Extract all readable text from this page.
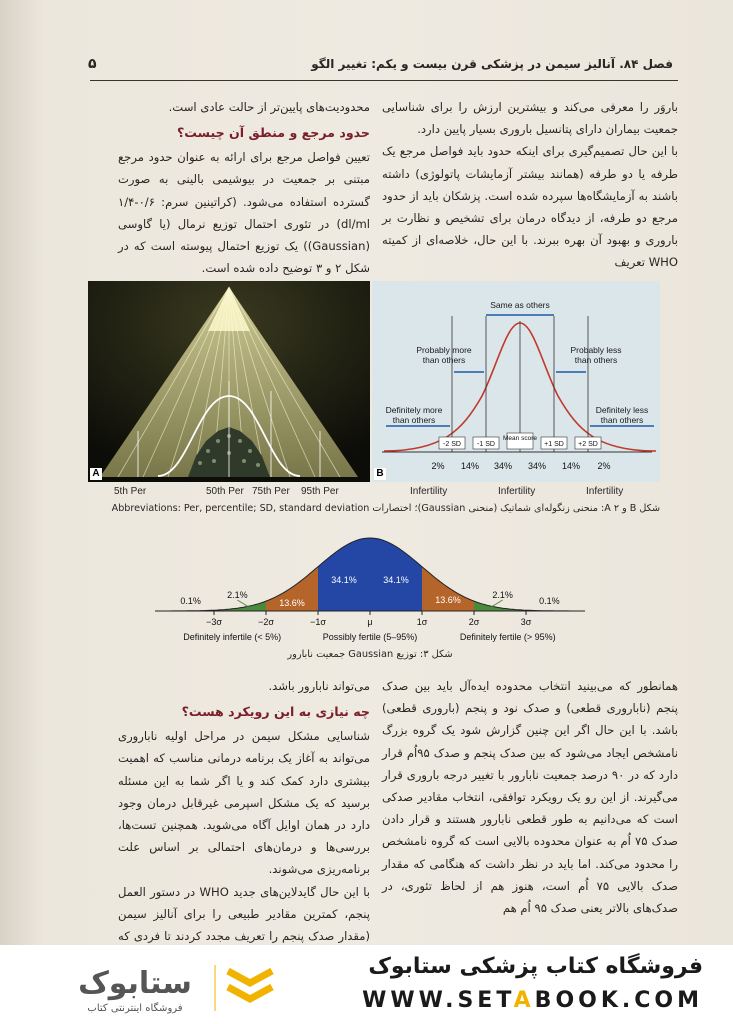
۵	فصل ۸۴. آنالیز سیمن در پزشکی قرن بیست و یکم: تغییر الگو

باروَر را معرفی می‌کند و بیشترین ارزش را برای شناسایی جمعیت بیماران دارای پتانسیل باروری بسیار پایین دارد.

با این حال تصمیم‌گیری برای اینکه حدود باید فواصل مرجع یک طرفه یا دو طرفه (همانند بیشتر آزمایشات پاتولوژی) داشته باشند به آزمایشگاه‌ها سپرده شده است. پزشکان باید از حدود مرجع دو طرفه، از دیدگاه درمان برای تشخیص و نظارت بر باروری و بهبود آن بهره ببرند. با این حال، خلاصه‌ای از کمیته WHO تعریف

محدودیت‌های پایین‌تر از حالت عادی است.

حدود مرجع و منطق آن چیست؟

تعیین فواصل مرجع برای ارائه به عنوان حدود مرجع مبتنی بر جمعیت در بیوشیمی بالینی به صورت گسترده استفاده می‌شود. (کراتینین سرم: ۰/۶-۱/۴ dl/ml) در تئوری احتمال توزیع نرمال (یا گاوسی (Gaussian)) یک توزیع احتمال پیوسته است که در شکل ۲ و ۳ توضیح داده شده است.

A
Same as others
Probably more
than others
Probably less
than others
Definitely more
than others
Definitely less
than others
-2 SD -1 SD
Mean score
+1 SD +2 SD
2% 14% 34% 34% 14% 2%
B
5th Per	50th Per 75th Per 95th Per	Infertility	Infertility	Infertility
شکل B و A ۲: منحنی زنگوله‌ای شماتیک (منحنی Gaussian)؛ اختصارات Abbreviations: Per, percentile; SD, standard deviation
−3σ	−2σ	−1σ	μ	1σ	2σ	3σ
0.1%
2.1%
13.6%
34.1%	34.1%
13.6%	2.1%
0.1%
Definitely infertile (< 5%)	Possibly fertile (5–95%)	Definitely fertile (> 95%)
شکل ۳: توزیع Gaussian جمعیت نابارور

همانطور که می‌بینید انتخاب محدوده ایده‌آل باید بین صدک پنجم (ناباروری قطعی) و صدک نود و پنجم (باروری قطعی) باشد. با این حال اگر این چنین گزارش شود یک گروه بزرگ نامشخص ایجاد می‌شود که بین صدک پنجم و صدک ۹۵اُم قرار دارد که در ۹۰ درصد جمعیت نابارور با تغییر درجه باروری قرار می‌گیرند. از این رو یک رویکرد توافقی، انتخاب مقادیر صدکی است که می‌دانیم به طور قطعی نابارور هستند و قرار دادن صدک ۷۵ اُم به عنوان محدوده بالایی است که گروه نامشخص را محدود می‌کند. اما باید در نظر داشت که هنگامی که مقدار صدک بالایی ۷۵ اُم است، هنوز هم از لحاظ تئوری، در صدک‌های بالاتر یعنی صدک ۹۵ اُم هم

می‌تواند نابارور باشد.

چه نیازی به این رویکرد هست؟

شناسایی مشکل سیمن در مراحل اولیه ناباروری می‌تواند به آغاز یک برنامه درمانی مناسب که اهمیت بیشتری دارد کمک کند و یا اگر شما به این مسئله برسید که یک مشکل اسپرمی غیرقابل درمان وجود دارد در همان اوایل آگاه می‌شوید. همچنین تست‌ها، بررسی‌ها و درمان‌های احتمالی بر اساس علت برنامه‌ریزی می‌شوند.

با این حال گایدلاین‌های جدید WHO در دستور العمل پنجم، کمترین مقادیر طبیعی را برای آنالیز سیمن (مقدار صدک پنجم را تعریف مجدد کردند تا فردی که

ستابوک
فروشگاه اینترنتی کتاب
فروشگاه کتاب پزشکی ستابوک
WWW.SETABOOK.COM
